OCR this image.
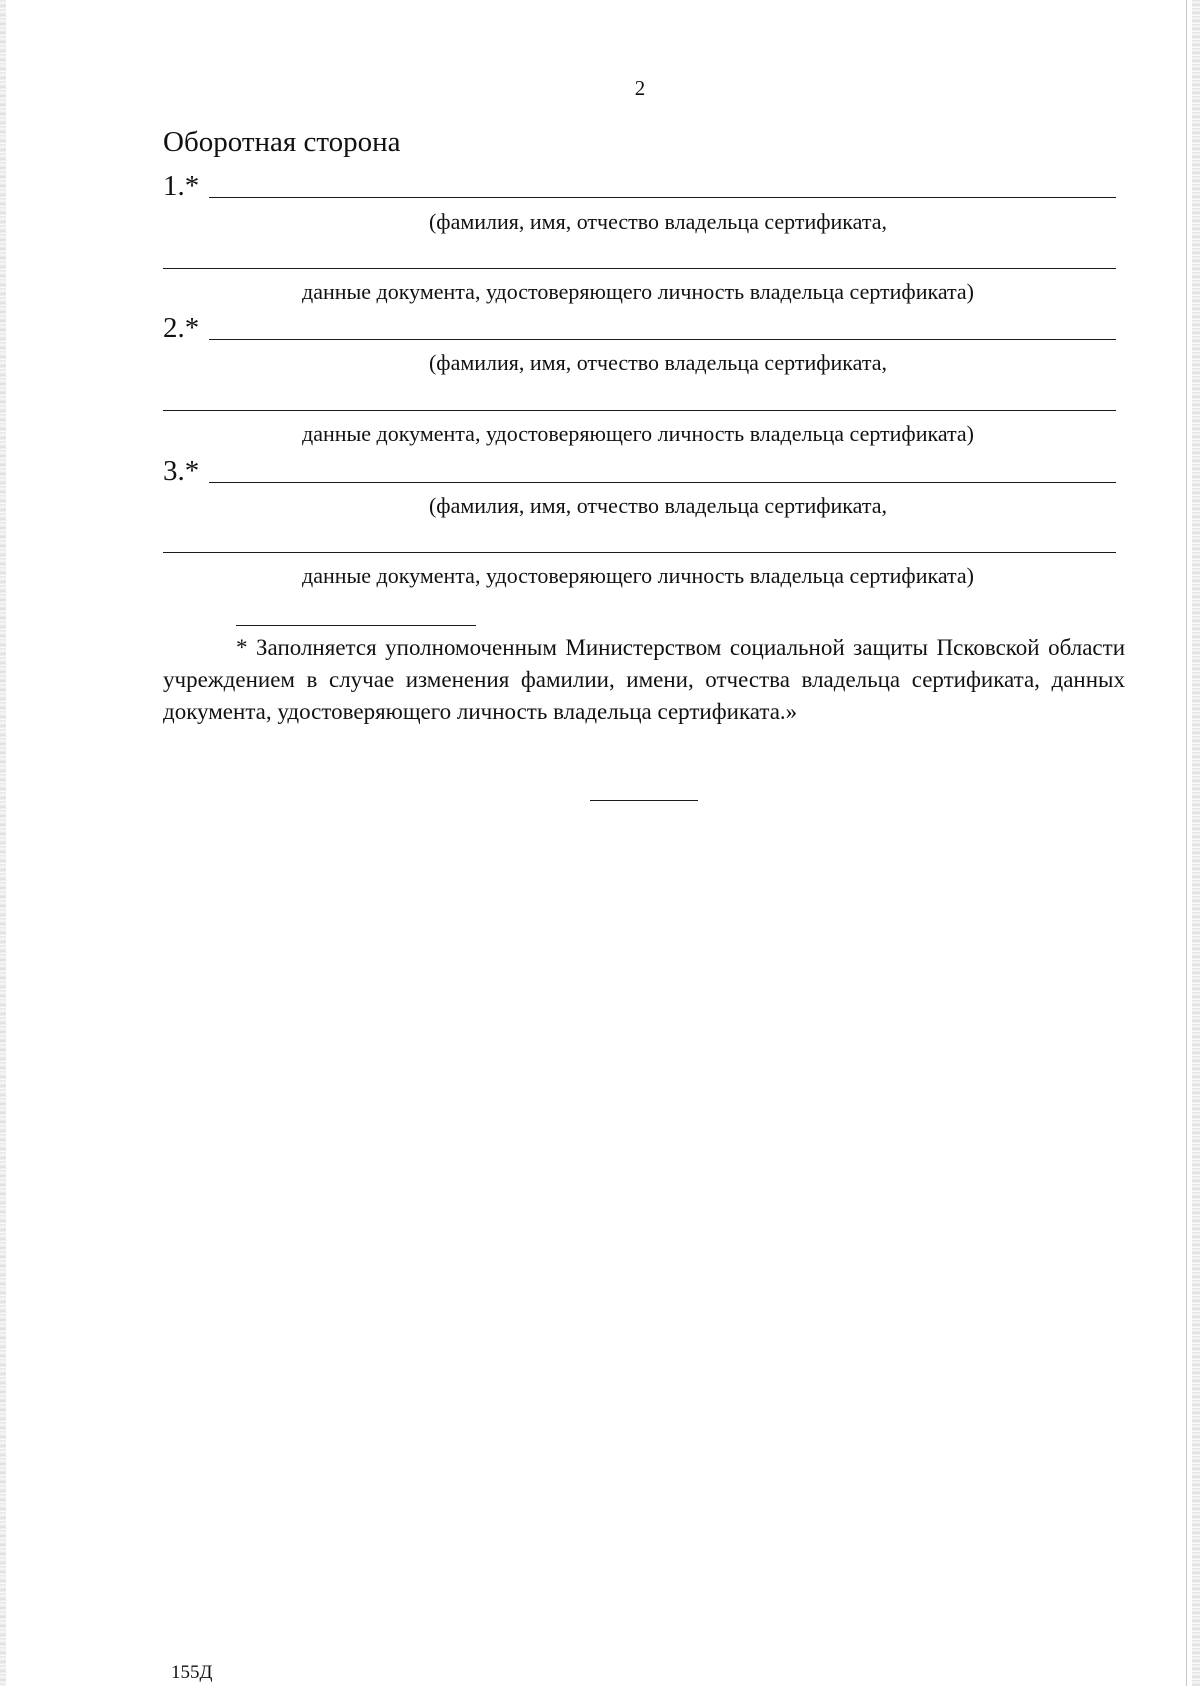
2
Оборотная сторона
1.*
(фамилия, имя, отчество владельца сертификата,
данные документа, удостоверяющего личность владельца сертификата)
2.*
(фамилия, имя, отчество владельца сертификата,
данные документа, удостоверяющего личность владельца сертификата)
3.*
(фамилия, имя, отчество владельца сертификата,
данные документа, удостоверяющего личность владельца сертификата)
* Заполняется уполномоченным Министерством социальной защиты Псковской области учреждением в случае изменения фамилии, имени, отчества владельца сертификата, данных документа, удостоверяющего личность владельца сертификата.»
155Д
